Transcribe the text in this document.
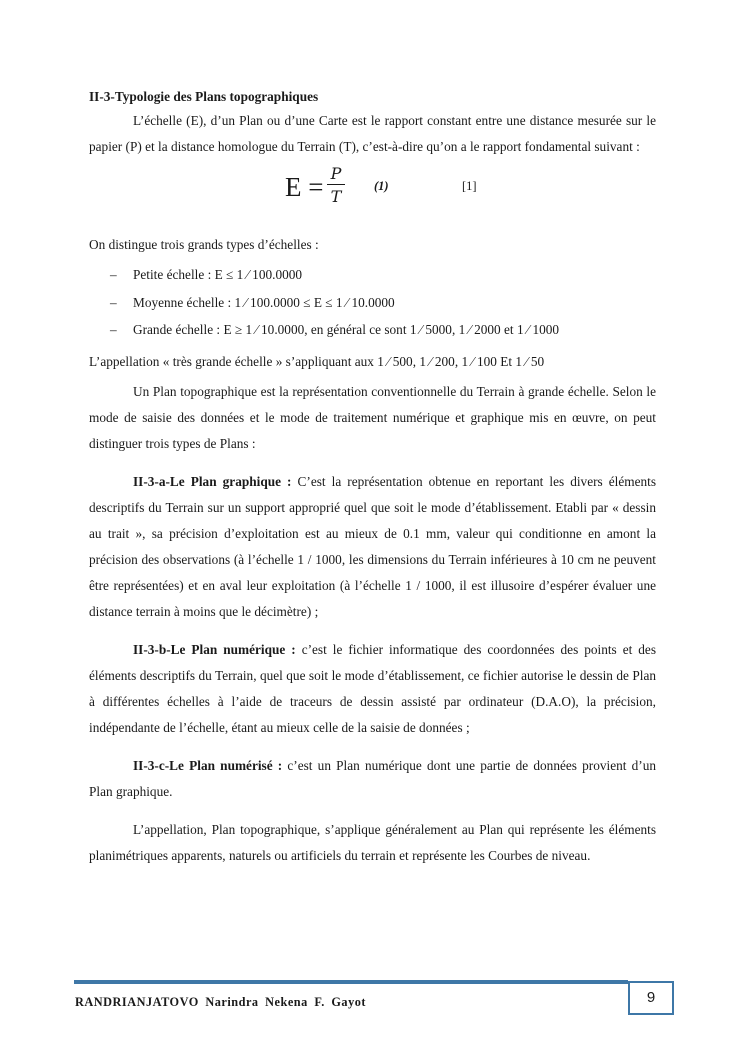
II-3-Typologie des Plans topographiques

L’échelle (E), d’un Plan ou d’une Carte est le rapport constant entre une distance mesurée sur le papier (P) et la distance homologue du Terrain (T), c’est-à-dire qu’on a le rapport fondamental suivant :

E = P
T
(1)	[1]

On distingue trois grands types d’échelles :

– Petite échelle : E ≤ 1 ⁄ 100.0000
– Moyenne échelle : 1 ⁄ 100.0000 ≤ E ≤ 1 ⁄ 10.0000
– Grande échelle : E ≥ 1 ⁄ 10.0000, en général ce sont 1 ⁄ 5000, 1 ⁄ 2000 et 1 ⁄ 1000

L’appellation « très grande échelle » s’appliquant aux 1 ⁄ 500, 1 ⁄ 200, 1 ⁄ 100 Et 1 ⁄ 50

Un Plan topographique est la représentation conventionnelle du Terrain à grande échelle. Selon le mode de saisie des données et le mode de traitement numérique et graphique mis en œuvre, on peut distinguer trois types de Plans :

II-3-a-Le Plan graphique : C’est la représentation obtenue en reportant les divers éléments descriptifs du Terrain sur un support approprié quel que soit le mode d’établissement. Etabli par « dessin au trait », sa précision d’exploitation est au mieux de 0.1 mm, valeur qui conditionne en amont la précision des observations (à l’échelle 1 / 1000, les dimensions du Terrain inférieures à 10 cm ne peuvent être représentées) et en aval leur exploitation (à l’échelle 1 / 1000, il est illusoire d’espérer évaluer une distance terrain à moins que le décimètre) ;

II-3-b-Le Plan numérique : c’est le fichier informatique des coordonnées des points et des éléments descriptifs du Terrain, quel que soit le mode d’établissement, ce fichier autorise le dessin de Plan à différentes échelles à l’aide de traceurs de dessin assisté par ordinateur (D.A.O), la précision, indépendante de l’échelle, étant au mieux celle de la saisie de données ;

II-3-c-Le Plan numérisé : c’est un Plan numérique dont une partie de données provient d’un Plan graphique.

L’appellation, Plan topographique, s’applique généralement au Plan qui représente les éléments planimétriques apparents, naturels ou artificiels du terrain et représente les Courbes de niveau.

RANDRIANJATOVO Narindra Nekena F. Gayot	9
